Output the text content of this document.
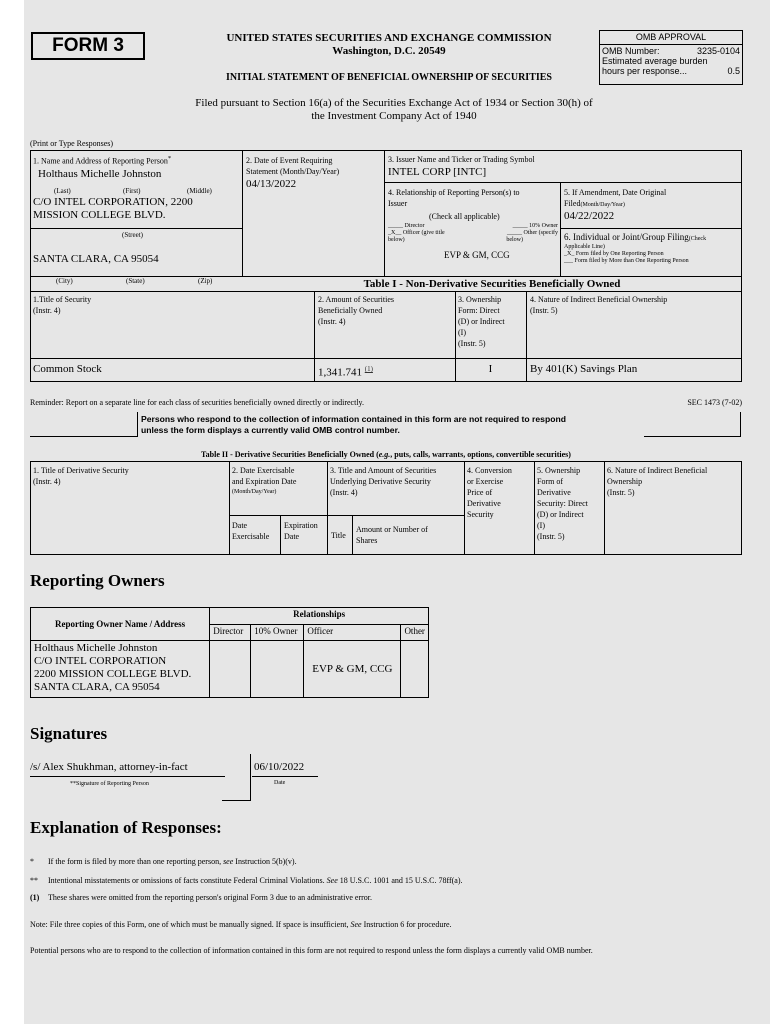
FORM 3	UNITED STATES SECURITIES AND EXCHANGE COMMISSION
Washington, D.C. 20549
INITIAL STATEMENT OF BENEFICIAL OWNERSHIP OF SECURITIES
OMB APPROVAL
OMB Number:	3235-0104
Estimated average burden
hours per response...	0.5
Filed pursuant to Section 16(a) of the Securities Exchange Act of 1934 or Section 30(h) of
the Investment Company Act of 1940
(Print or Type Responses)
1. Name and Address of Reporting Person*
Holthaus Michelle Johnston
(Last)	(First)	(Middle)
C/O INTEL CORPORATION, 2200
MISSION COLLEGE BLVD.
(Street)
SANTA CLARA, CA 95054
(City)	(State)	(Zip)
2. Date of Event Requiring
Statement (Month/Day/Year)
04/13/2022
3. Issuer Name and Ticker or Trading Symbol
INTEL CORP [INTC]
4. Relationship of Reporting Person(s) to
Issuer
(Check all applicable)
_____ Director	_____ 10% Owner
_X__ Officer (give title	_____ Other (specify
below)	below)
EVP & GM, CCG
5. If Amendment, Date Original
Filed(Month/Day/Year)
04/22/2022
6. Individual or Joint/Group Filing(Check
Applicable Line)
_X_ Form filed by One Reporting Person
___ Form filed by More than One Reporting Person
Table I - Non-Derivative Securities Beneficially Owned
1.Title of Security
(Instr. 4)
2. Amount of Securities
Beneficially Owned
(Instr. 4)
3. Ownership
Form: Direct
(D) or Indirect
(I)
(Instr. 5)
4. Nature of Indirect Beneficial Ownership
(Instr. 5)
Common Stock	1,341.741 $^{(1)}$	I	By 401(K) Savings Plan
Reminder: Report on a separate line for each class of securities beneficially owned directly or indirectly.	SEC 1473 (7-02)
Persons who respond to the collection of information contained in this form are not required to respond
unless the form displays a currently valid OMB control number.
Table II - Derivative Securities Beneficially Owned (e.g., puts, calls, warrants, options, convertible securities)
1. Title of Derivative Security
(Instr. 4)
2. Date Exercisable
and Expiration Date
(Month/Day/Year)
3. Title and Amount of Securities
Underlying Derivative Security
(Instr. 4)
4. Conversion
or Exercise
Price of
Derivative
Security
5. Ownership
Form of
Derivative
Security: Direct
(D) or Indirect
(I)
(Instr. 5)
6. Nature of Indirect Beneficial
Ownership
(Instr. 5)
Date
Exercisable
Expiration
Date	Title
Amount or Number of
Shares
Reporting Owners
Reporting Owner Name / Address	Relationships			
	Director	10% Owner	Officer	Other

Holthaus Michelle Johnston
C/O INTEL CORPORATION
2200 MISSION COLLEGE BLVD.
SANTA CLARA, CA 95054			EVP & GM, CCG	
Signatures
/s/ Alex Shukhman, attorney-in-fact
**Signature of Reporting Person
06/10/2022
Date
Explanation of Responses:
* If the form is filed by more than one reporting person, see Instruction 5(b)(v).
** Intentional misstatements or omissions of facts constitute Federal Criminal Violations. See 18 U.S.C. 1001 and 15 U.S.C. 78ff(a).
(1) These shares were omitted from the reporting person's original Form 3 due to an administrative error.
Note: File three copies of this Form, one of which must be manually signed. If space is insufficient, See Instruction 6 for procedure.
Potential persons who are to respond to the collection of information contained in this form are not required to respond unless the form displays a currently valid OMB number.
